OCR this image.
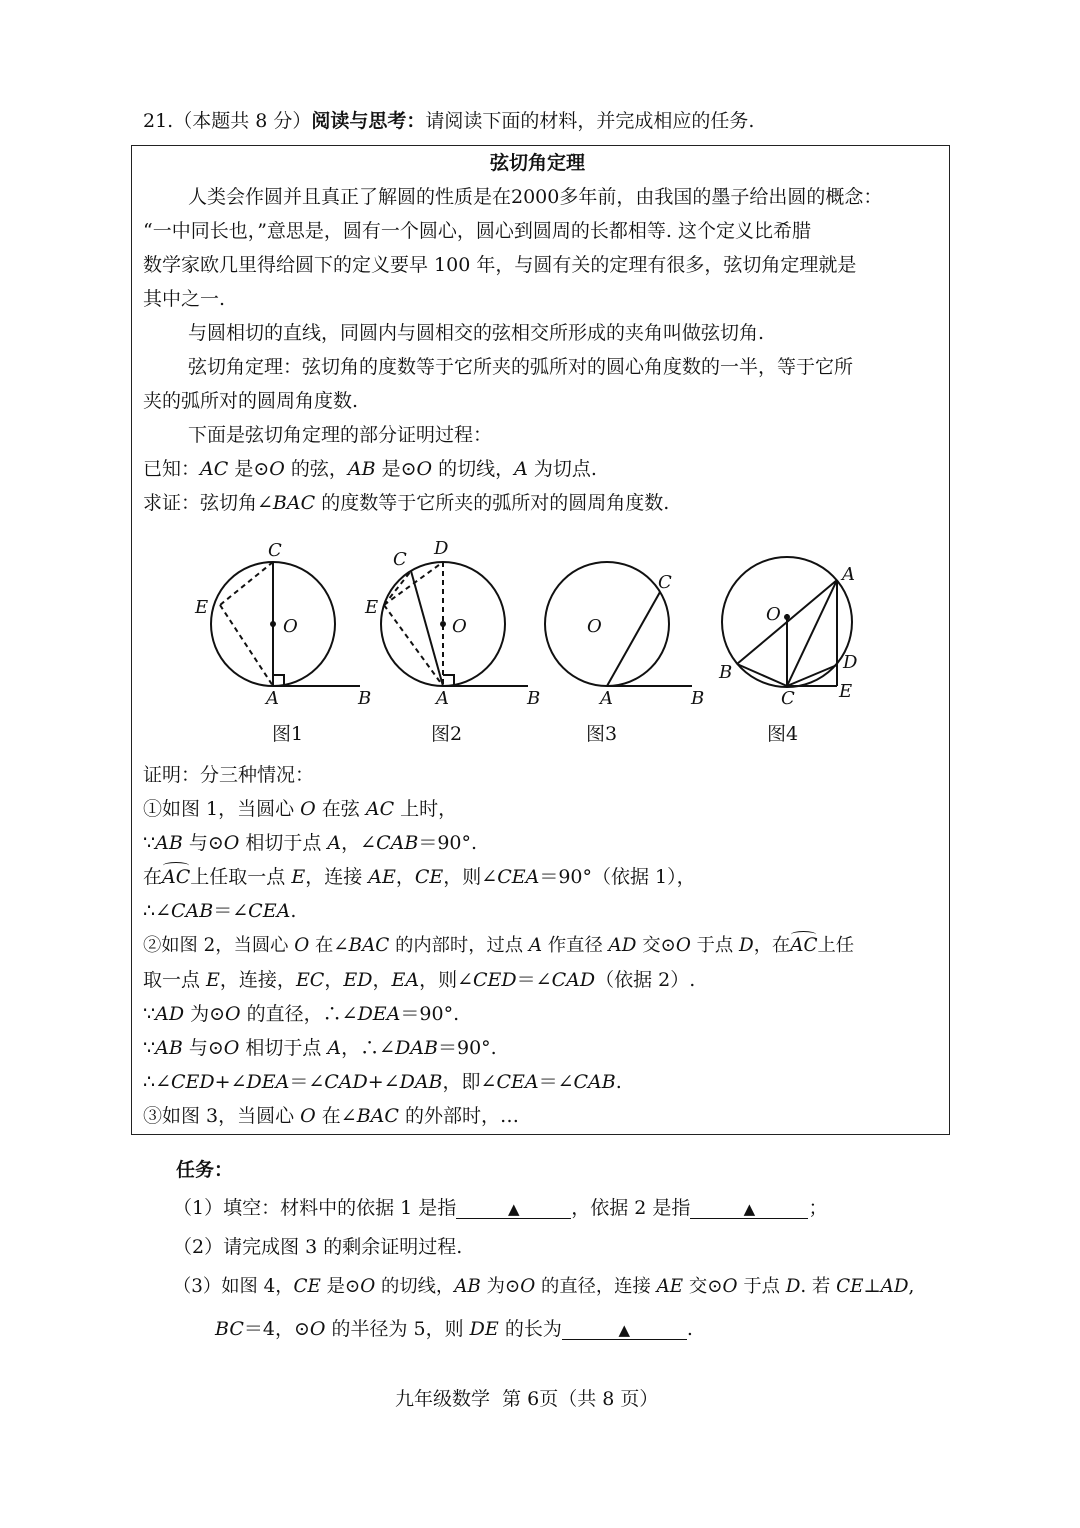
21.（本题共 8 分）阅读与思考：请阅读下面的材料，并完成相应的任务.
弦切角定理
人类会作圆并且真正了解圆的性质是在2000多年前，由我国的墨子给出圆的概念：
“一中同长也，”意思是，圆有一个圆心，圆心到圆周的长都相等. 这个定义比希腊
数学家欧几里得给圆下的定义要早 100 年，与圆有关的定理有很多，弦切角定理就是
其中之一.
与圆相切的直线，同圆内与圆相交的弦相交所形成的夹角叫做弦切角.
弦切角定理：弦切角的度数等于它所夹的弧所对的圆心角度数的一半，等于它所
夹的弧所对的圆周角度数.
下面是弦切角定理的部分证明过程：
已知：AC 是⊙O 的弦，AB 是⊙O 的切线，A 为切点.
求证：弦切角∠BAC 的度数等于它所夹的弧所对的圆周角度数.
C
E
O
A	B
C
D
E
O
A	B
C
O
A	B
A
O
D
B
C E
图1	图2	图3	图4
证明：分三种情况：
①如图 1，当圆心 O 在弦 AC 上时，
∵AB 与⊙O 相切于点 A，∠CAB＝90°.
在AC上任取一点 E，连接 AE，CE，则∠CEA＝90°（依据 1），
∴∠CAB＝∠CEA.
②如图 2，当圆心 O 在∠BAC 的内部时，过点 A 作直径 AD 交⊙O 于点 D，在AC上任
取一点 E，连接，EC，ED，EA，则∠CED＝∠CAD（依据 2）.
∵AD 为⊙O 的直径，∴∠DEA＝90°.
∵AB 与⊙O 相切于点 A，∴∠DAB＝90°.
∴∠CED+∠DEA＝∠CAD+∠DAB，即∠CEA＝∠CAB.
③如图 3，当圆心 O 在∠BAC 的外部时，…
任务：
（1）填空：材料中的依据 1 是指	▲	，依据 2 是指	▲	；
（2）请完成图 3 的剩余证明过程.
（3）如图 4，CE 是⊙O 的切线，AB 为⊙O 的直径，连接 AE 交⊙O 于点 D. 若 CE⊥AD,
BC＝4，⊙O 的半径为 5，则 DE 的长为	▲	.
九年级数学  第 6页（共 8 页）
